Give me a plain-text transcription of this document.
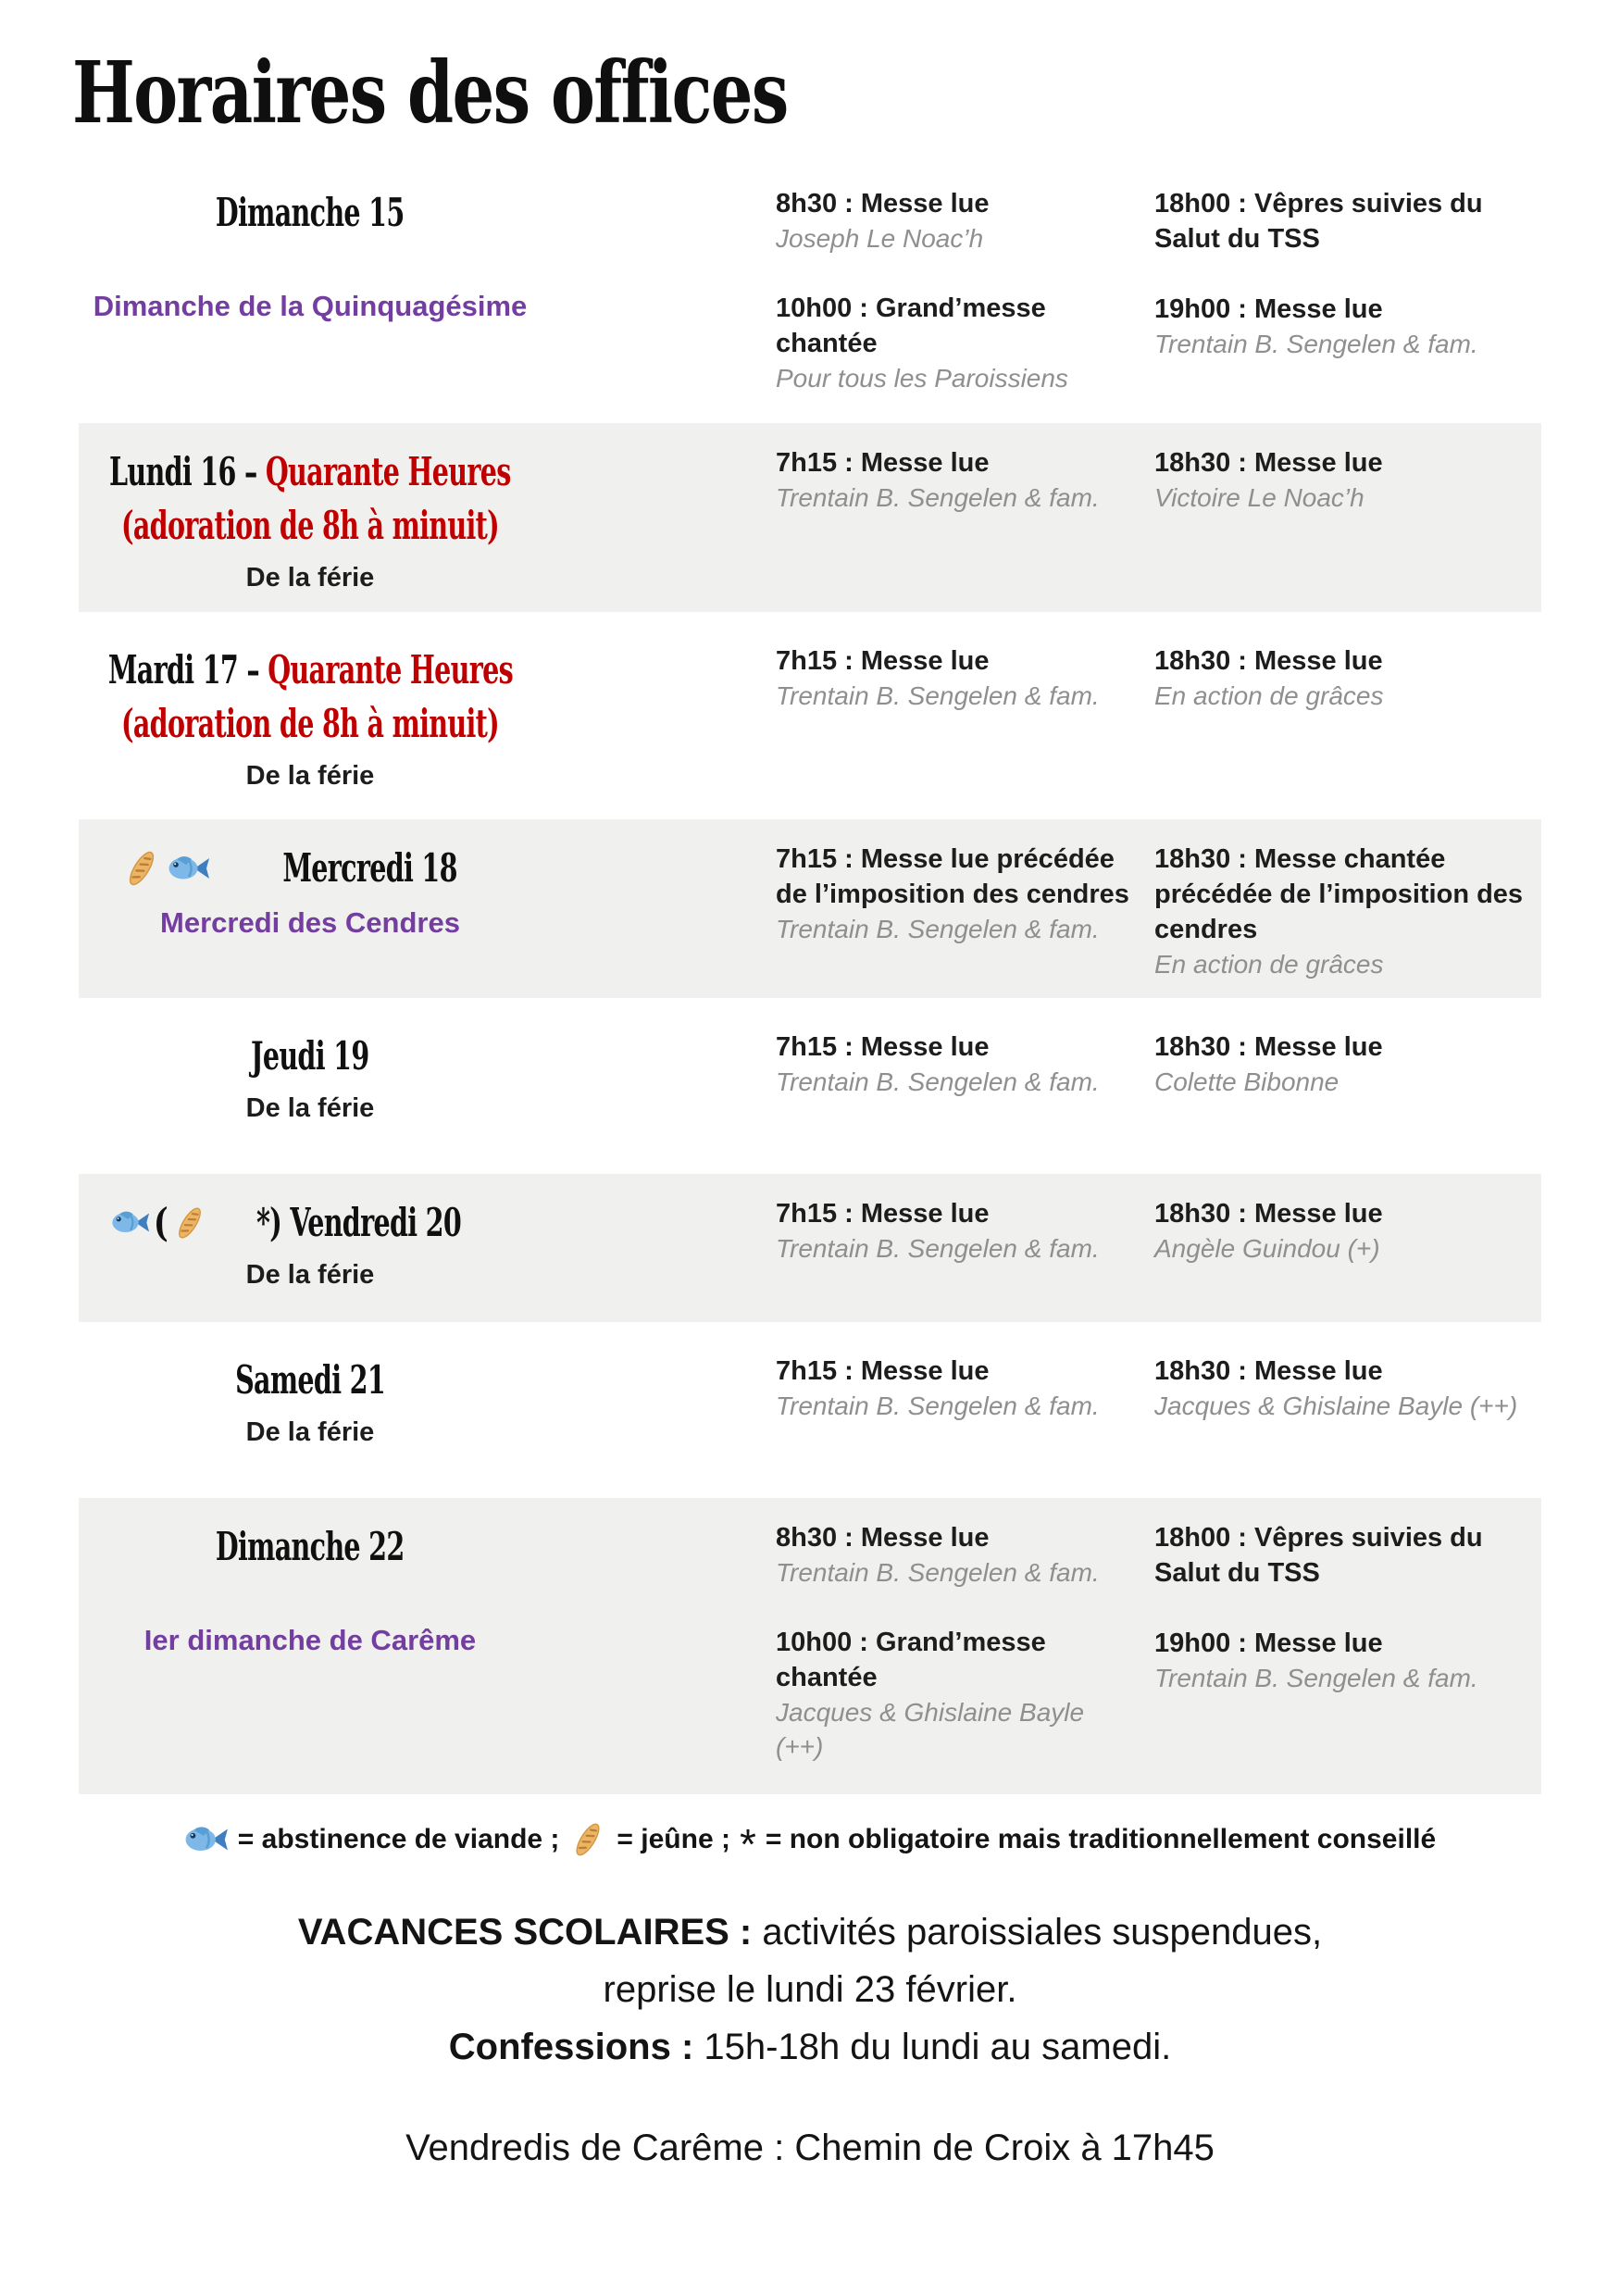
Horaires des offices
Dimanche 15
Dimanche de la Quinquagésime
8h30 : Messe lue
Joseph Le Noac’h
10h00 : Grand’messe chantée
Pour tous les Paroissiens
18h00 : Vêpres suivies du Salut du TSS
19h00 : Messe lue
Trentain B. Sengelen & fam.
Lundi 16 – Quarante Heures
(adoration de 8h à minuit)
De la férie
7h15 : Messe lue
Trentain B. Sengelen & fam.
18h30 : Messe lue
Victoire Le Noac’h
Mardi 17 – Quarante Heures
(adoration de 8h à minuit)
De la férie
7h15 : Messe lue
Trentain B. Sengelen & fam.
18h30 : Messe lue
En action de grâces
Mercredi 18
Mercredi des Cendres
7h15 : Messe lue précédée de l’imposition des cendres
Trentain B. Sengelen & fam.
18h30 : Messe chantée précédée de l’imposition des cendres
En action de grâces
Jeudi 19
De la férie
7h15 : Messe lue
Trentain B. Sengelen & fam.
18h30 : Messe lue
Colette Bibonne
( *) Vendredi 20
De la férie
7h15 : Messe lue
Trentain B. Sengelen & fam.
18h30 : Messe lue
Angèle Guindou (+)
Samedi 21
De la férie
7h15 : Messe lue
Trentain B. Sengelen & fam.
18h30 : Messe lue
Jacques & Ghislaine Bayle (++)
Dimanche 22
Ier dimanche de Carême
8h30 : Messe lue
Trentain B. Sengelen & fam.
10h00 : Grand’messe chantée
Jacques & Ghislaine Bayle (++)
18h00 : Vêpres suivies du Salut du TSS
19h00 : Messe lue
Trentain B. Sengelen & fam.
= abstinence de viande ; = jeûne ; * = non obligatoire mais traditionnellement conseillé
VACANCES SCOLAIRES : activités paroissiales suspendues,
reprise le lundi 23 février.
Confessions : 15h-18h du lundi au samedi.
Vendredis de Carême : Chemin de Croix à 17h45
